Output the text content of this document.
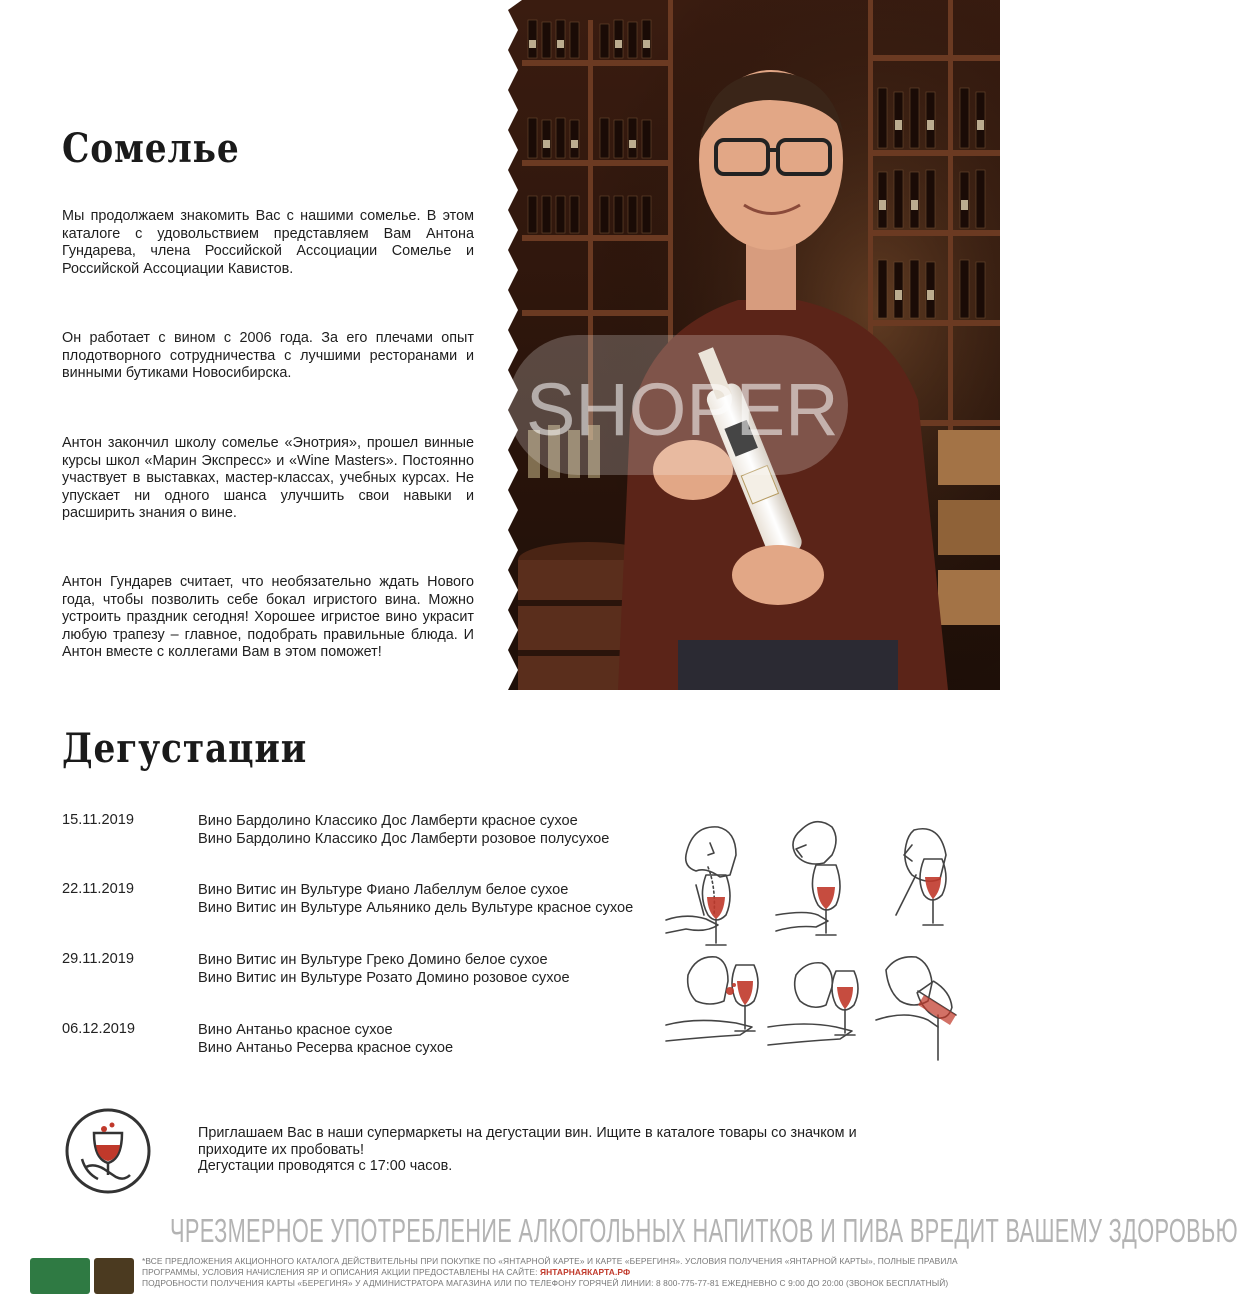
Сомелье

Мы продолжаем знакомить Вас с нашими сомелье. В этом каталоге с удовольствием представляем Вам Антона Гундарева, члена Российской Ассоциации Сомелье и Российской Ассоциации Кавистов.

Он работает с вином с 2006 года. За его плечами опыт плодотворного сотрудничества с лучшими ресторанами и винными бутиками Новосибирска.

Антон закончил школу сомелье «Энотрия», прошел винные курсы школ «Марин Экспресс» и «Wine Masters». Постоянно участвует в выставках, мастер-классах, учебных курсах. Не упускает ни одного шанса улучшить свои навыки и расширить знания о вине.

Антон Гундарев считает, что необязательно ждать Нового года, чтобы позволить себе бокал игристого вина. Можно устроить праздник сегодня! Хорошее игристое вино украсит любую трапезу – главное, подобрать правильные блюда. И Антон вместе с коллегами Вам в этом поможет!

SHOPER
Дегустации
15.11.2019	Вино Бардолино Классико Дос Ламберти красное сухое
Вино Бардолино Классико Дос Ламберти розовое полусухое
22.11.2019	Вино Витис ин Вультуре Фиано Лабеллум белое сухое
Вино Витис ин Вультуре Альянико дель Вультуре красное сухое
29.11.2019	Вино Витис ин Вультуре Греко Домино белое сухое
Вино Витис ин Вультуре Розато Домино розовое сухое
06.12.2019	Вино Антаньо красное сухое
Вино Антаньо Ресерва красное сухое
Приглашаем Вас в наши супермаркеты на дегустации вин. Ищите в каталоге товары со значком и
приходите их пробовать!
Дегустации проводятся с 17:00 часов.
ЧРЕЗМЕРНОЕ УПОТРЕБЛЕНИЕ АЛКОГОЛЬНЫХ НАПИТКОВ И ПИВА ВРЕДИТ ВАШЕМУ ЗДОРОВЬЮ
*ВСЕ ПРЕДЛОЖЕНИЯ АКЦИОННОГО КАТАЛОГА ДЕЙСТВИТЕЛЬНЫ ПРИ ПОКУПКЕ ПО «ЯНТАРНОЙ КАРТЕ» И КАРТЕ «БЕРЕГИНЯ». УСЛОВИЯ ПОЛУЧЕНИЯ «ЯНТАРНОЙ КАРТЫ», ПОЛНЫЕ ПРАВИЛА
ПРОГРАММЫ, УСЛОВИЯ НАЧИСЛЕНИЯ ЯР И ОПИСАНИЯ АКЦИИ ПРЕДОСТАВЛЕНЫ НА САЙТЕ: ЯНТАРНАЯКАРТА.РФ
ПОДРОБНОСТИ ПОЛУЧЕНИЯ КАРТЫ «БЕРЕГИНЯ» У АДМИНИСТРАТОРА МАГАЗИНА ИЛИ ПО ТЕЛЕФОНУ ГОРЯЧЕЙ ЛИНИИ: 8 800-775-77-81 ЕЖЕДНЕВНО С 9:00 ДО 20:00 (ЗВОНОК БЕСПЛАТНЫЙ)
